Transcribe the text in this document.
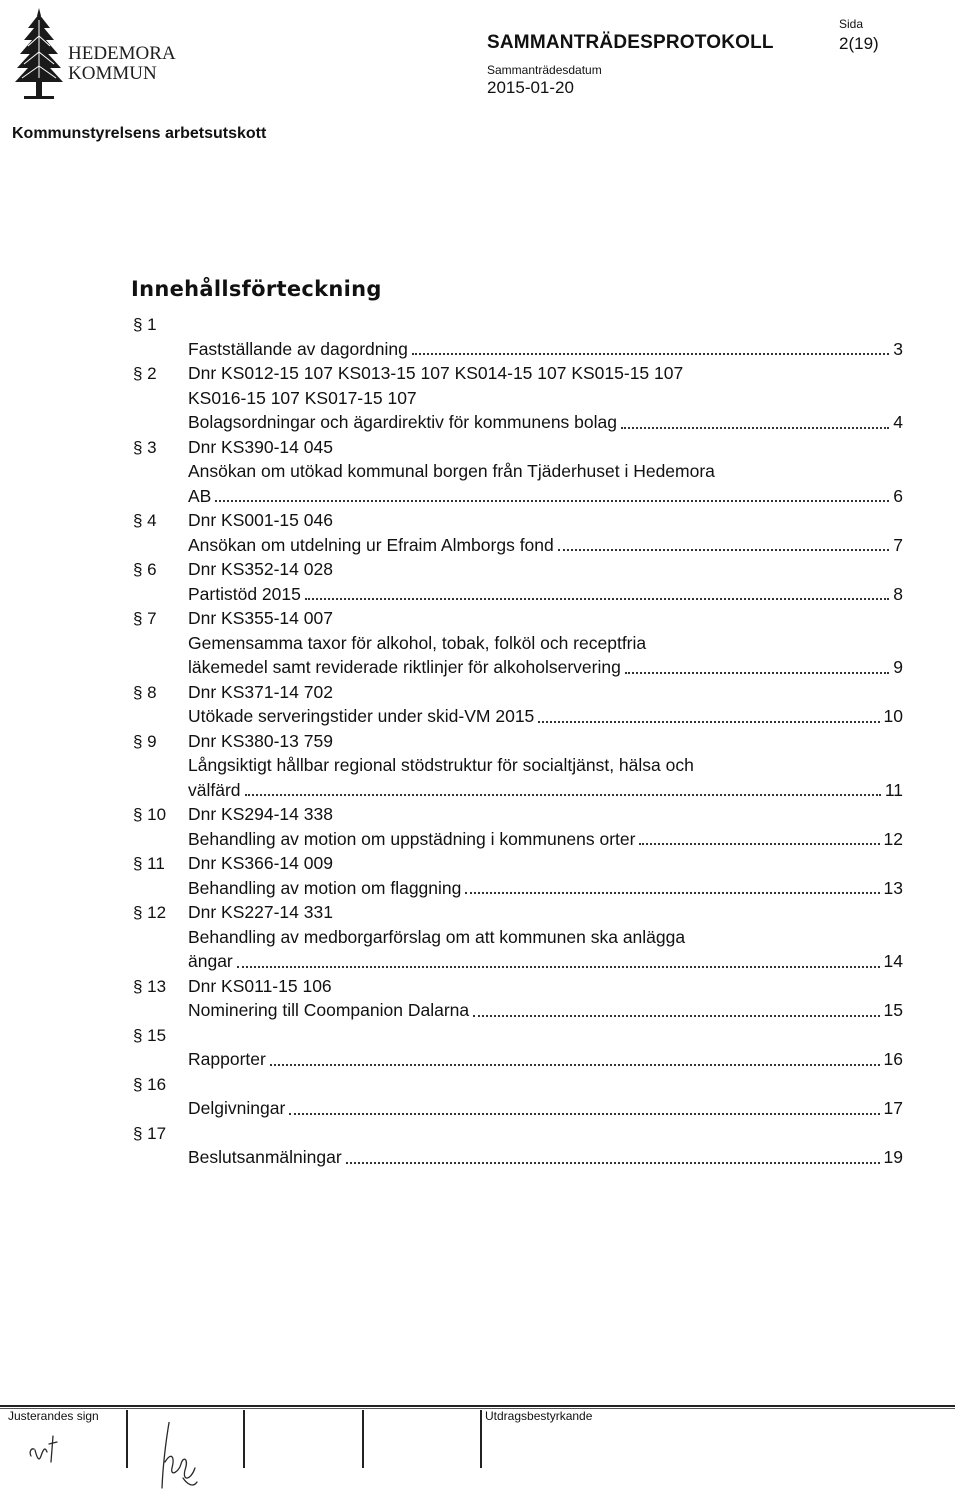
HEDEMORA
KOMMUN
SAMMANTRÄDESPROTOKOLL
Sammanträdesdatum
2015-01-20
Sida
2(19)
Kommunstyrelsens arbetsutskott
Innehållsförteckning
§ 1

Fastställande av dagordning	3
§ 2 Dnr KS012-15 107 KS013-15 107 KS014-15 107 KS015-15 107
KS016-15 107 KS017-15 107
Bolagsordningar och ägardirektiv för kommunens bolag	4
§ 3 Dnr KS390-14 045
Ansökan om utökad kommunal borgen från Tjäderhuset i Hedemora
AB	6
§ 4 Dnr KS001-15 046
Ansökan om utdelning ur Efraim Almborgs fond	7
§ 6 Dnr KS352-14 028
Partistöd 2015	8
§ 7 Dnr KS355-14 007
Gemensamma taxor för alkohol, tobak, folköl och receptfria
läkemedel samt reviderade riktlinjer för alkoholservering	9
§ 8 Dnr KS371-14 702
Utökade serveringstider under skid-VM 2015	10
§ 9 Dnr KS380-13 759
Långsiktigt hållbar regional stödstruktur för socialtjänst, hälsa och
välfärd	11
§ 10 Dnr KS294-14 338
Behandling av motion om uppstädning i kommunens orter	12
§ 11 Dnr KS366-14 009
Behandling av motion om flaggning	13
§ 12 Dnr KS227-14 331
Behandling av medborgarförslag om att kommunen ska anlägga
ängar	14
§ 13 Dnr KS011-15 106
Nominering till Coompanion Dalarna	15
§ 15

Rapporter	16
§ 16

Delgivningar	17
§ 17

Beslutsanmälningar	19
Justerandes sign	Utdragsbestyrkande
